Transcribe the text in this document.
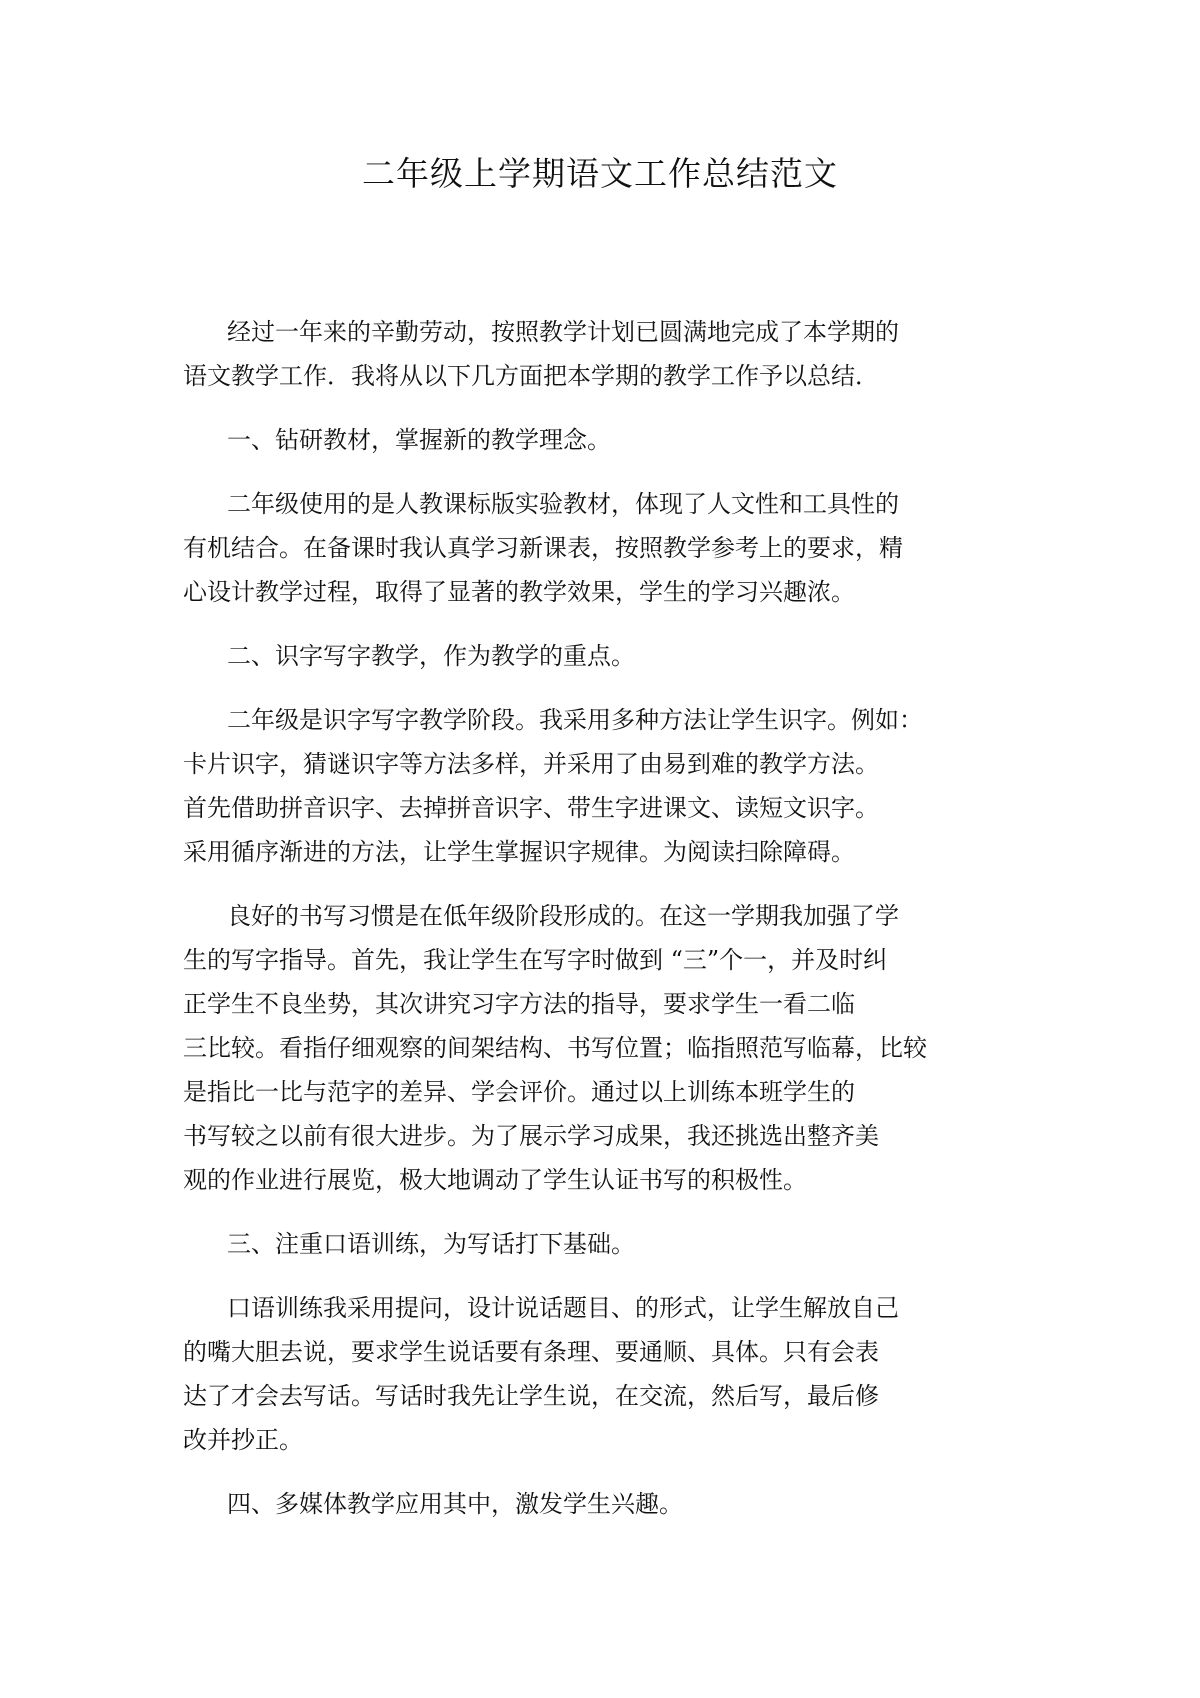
二年级上学期语文工作总结范文

经过一年来的辛勤劳动，按照教学计划已圆满地完成了本学期的
语文教学工作．我将从以下几方面把本学期的教学工作予以总结．

一、钻研教材，掌握新的教学理念。

二年级使用的是人教课标版实验教材，体现了人文性和工具性的
有机结合。在备课时我认真学习新课表，按照教学参考上的要求，精
心设计教学过程，取得了显著的教学效果，学生的学习兴趣浓。

二、识字写字教学，作为教学的重点。

二年级是识字写字教学阶段。我采用多种方法让学生识字。例如：
卡片识字，猜谜识字等方法多样，并采用了由易到难的教学方法。
首先借助拼音识字、去掉拼音识字、带生字进课文、读短文识字。
采用循序渐进的方法，让学生掌握识字规律。为阅读扫除障碍。

良好的书写习惯是在低年级阶段形成的。在这一学期我加强了学
生的写字指导。首先，我让学生在写字时做到 “三”个一，并及时纠
正学生不良坐势，其次讲究习字方法的指导，要求学生一看二临
三比较。看指仔细观察的间架结构、书写位置；临指照范写临幕，比较
是指比一比与范字的差异、学会评价。通过以上训练本班学生的
书写较之以前有很大进步。为了展示学习成果，我还挑选出整齐美
观的作业进行展览，极大地调动了学生认证书写的积极性。

三、注重口语训练，为写话打下基础。

口语训练我采用提问，设计说话题目、的形式，让学生解放自己
的嘴大胆去说，要求学生说话要有条理、要通顺、具体。只有会表
达了才会去写话。写话时我先让学生说，在交流，然后写，最后修
改并抄正。

四、多媒体教学应用其中，激发学生兴趣。
